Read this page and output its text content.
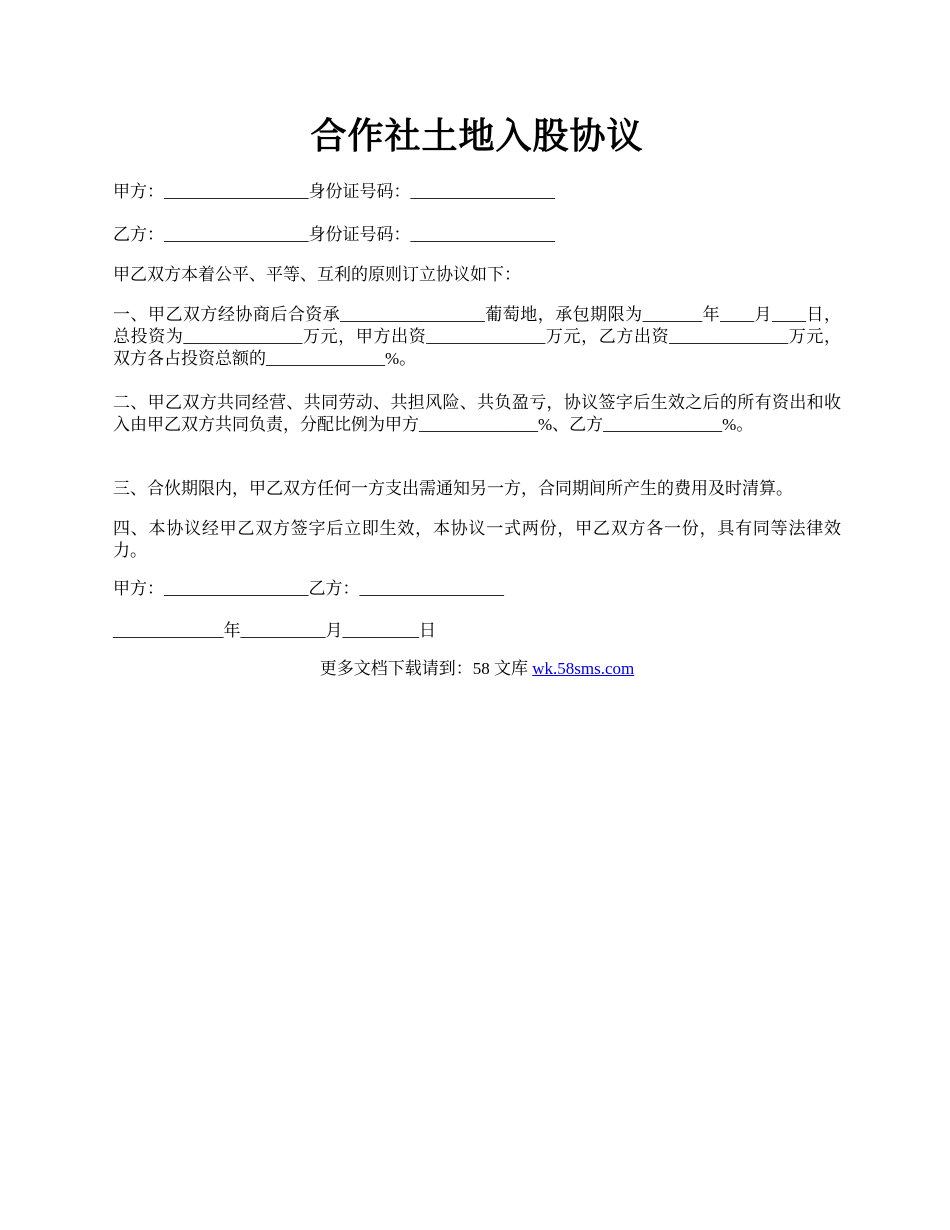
合作社土地入股协议
甲方：_________________身份证号码：_________________
乙方：_________________身份证号码：_________________
甲乙双方本着公平、平等、互利的原则订立协议如下：
一、甲乙双方经协商后合资承_________________葡萄地，承包期限为_______年____月____日，总投资为______________万元，甲方出资______________万元，乙方出资______________万元，双方各占投资总额的______________%。
二、甲乙双方共同经营、共同劳动、共担风险、共负盈亏，协议签字后生效之后的所有资出和收入由甲乙双方共同负责，分配比例为甲方______________%、乙方______________%。
三、合伙期限内，甲乙双方任何一方支出需通知另一方，合同期间所产生的费用及时清算。
四、本协议经甲乙双方签字后立即生效，本协议一式两份，甲乙双方各一份，具有同等法律效力。
甲方：_________________乙方：_________________
_____________年__________月_________日
更多文档下载请到：58 文库 wk.58sms.com
